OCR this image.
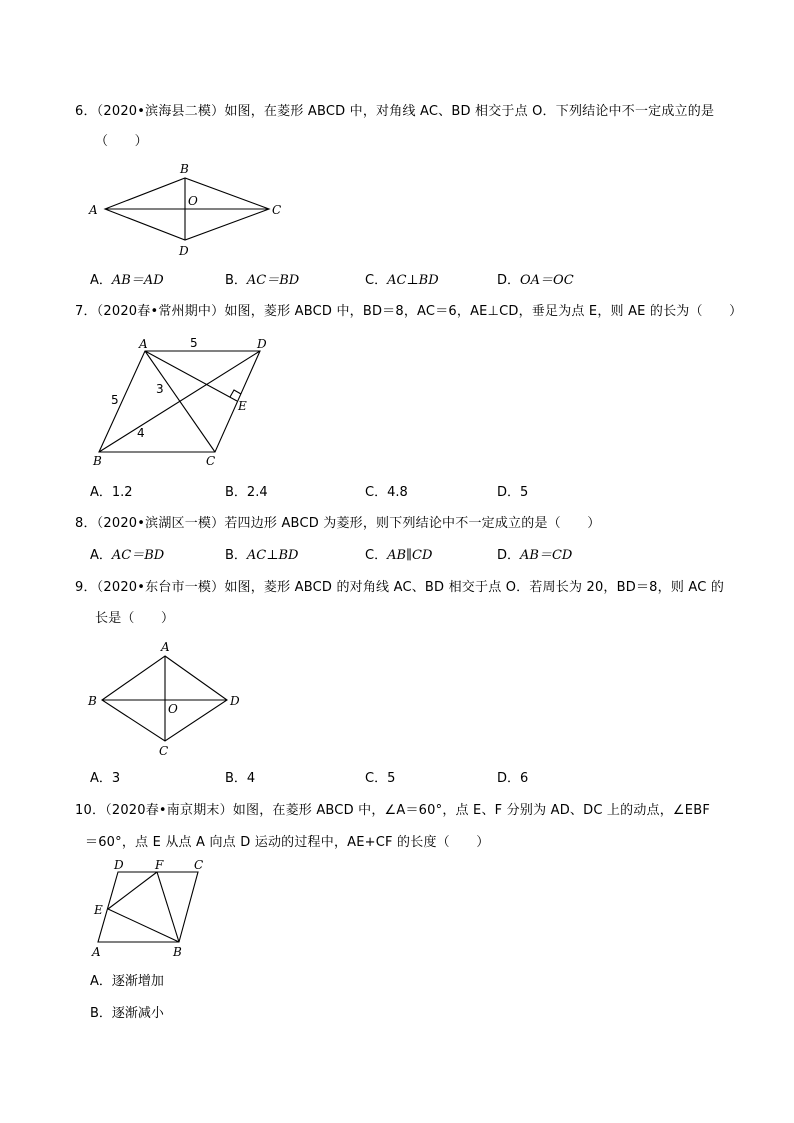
6．（2020•滨海县二模）如图，在菱形 ABCD 中，对角线 AC、BD 相交于点 O．下列结论中不一定成立的是
（　　）
A
B
C
D
O
A．AB＝AD	B．AC＝BD	C．AC⊥BD	D．OA＝OC
7．（2020春•常州期中）如图，菱形 ABCD 中，BD＝8，AC＝6，AE⊥CD，垂足为点 E，则 AE 的长为（　　）
A	D
B	C
E
5
5
3
4
A．1.2	B．2.4	C．4.8	D．5
8．（2020•滨湖区一模）若四边形 ABCD 为菱形，则下列结论中不一定成立的是（　　）
A．AC＝BD	B．AC⊥BD	C．AB∥CD	D．AB＝CD
9．（2020•东台市一模）如图，菱形 ABCD 的对角线 AC、BD 相交于点 O．若周长为 20，BD＝8，则 AC 的
长是（　　）
A
B
C
D
O
A．3	B．4	C．5	D．6
10．（2020春•南京期末）如图，在菱形 ABCD 中，∠A＝60°，点 E、F 分别为 AD、DC 上的动点，∠EBF
＝60°，点 E 从点 A 向点 D 运动的过程中，AE+CF 的长度（　　）
D	F	C
E
A	B
A．逐渐增加
B．逐渐减小
